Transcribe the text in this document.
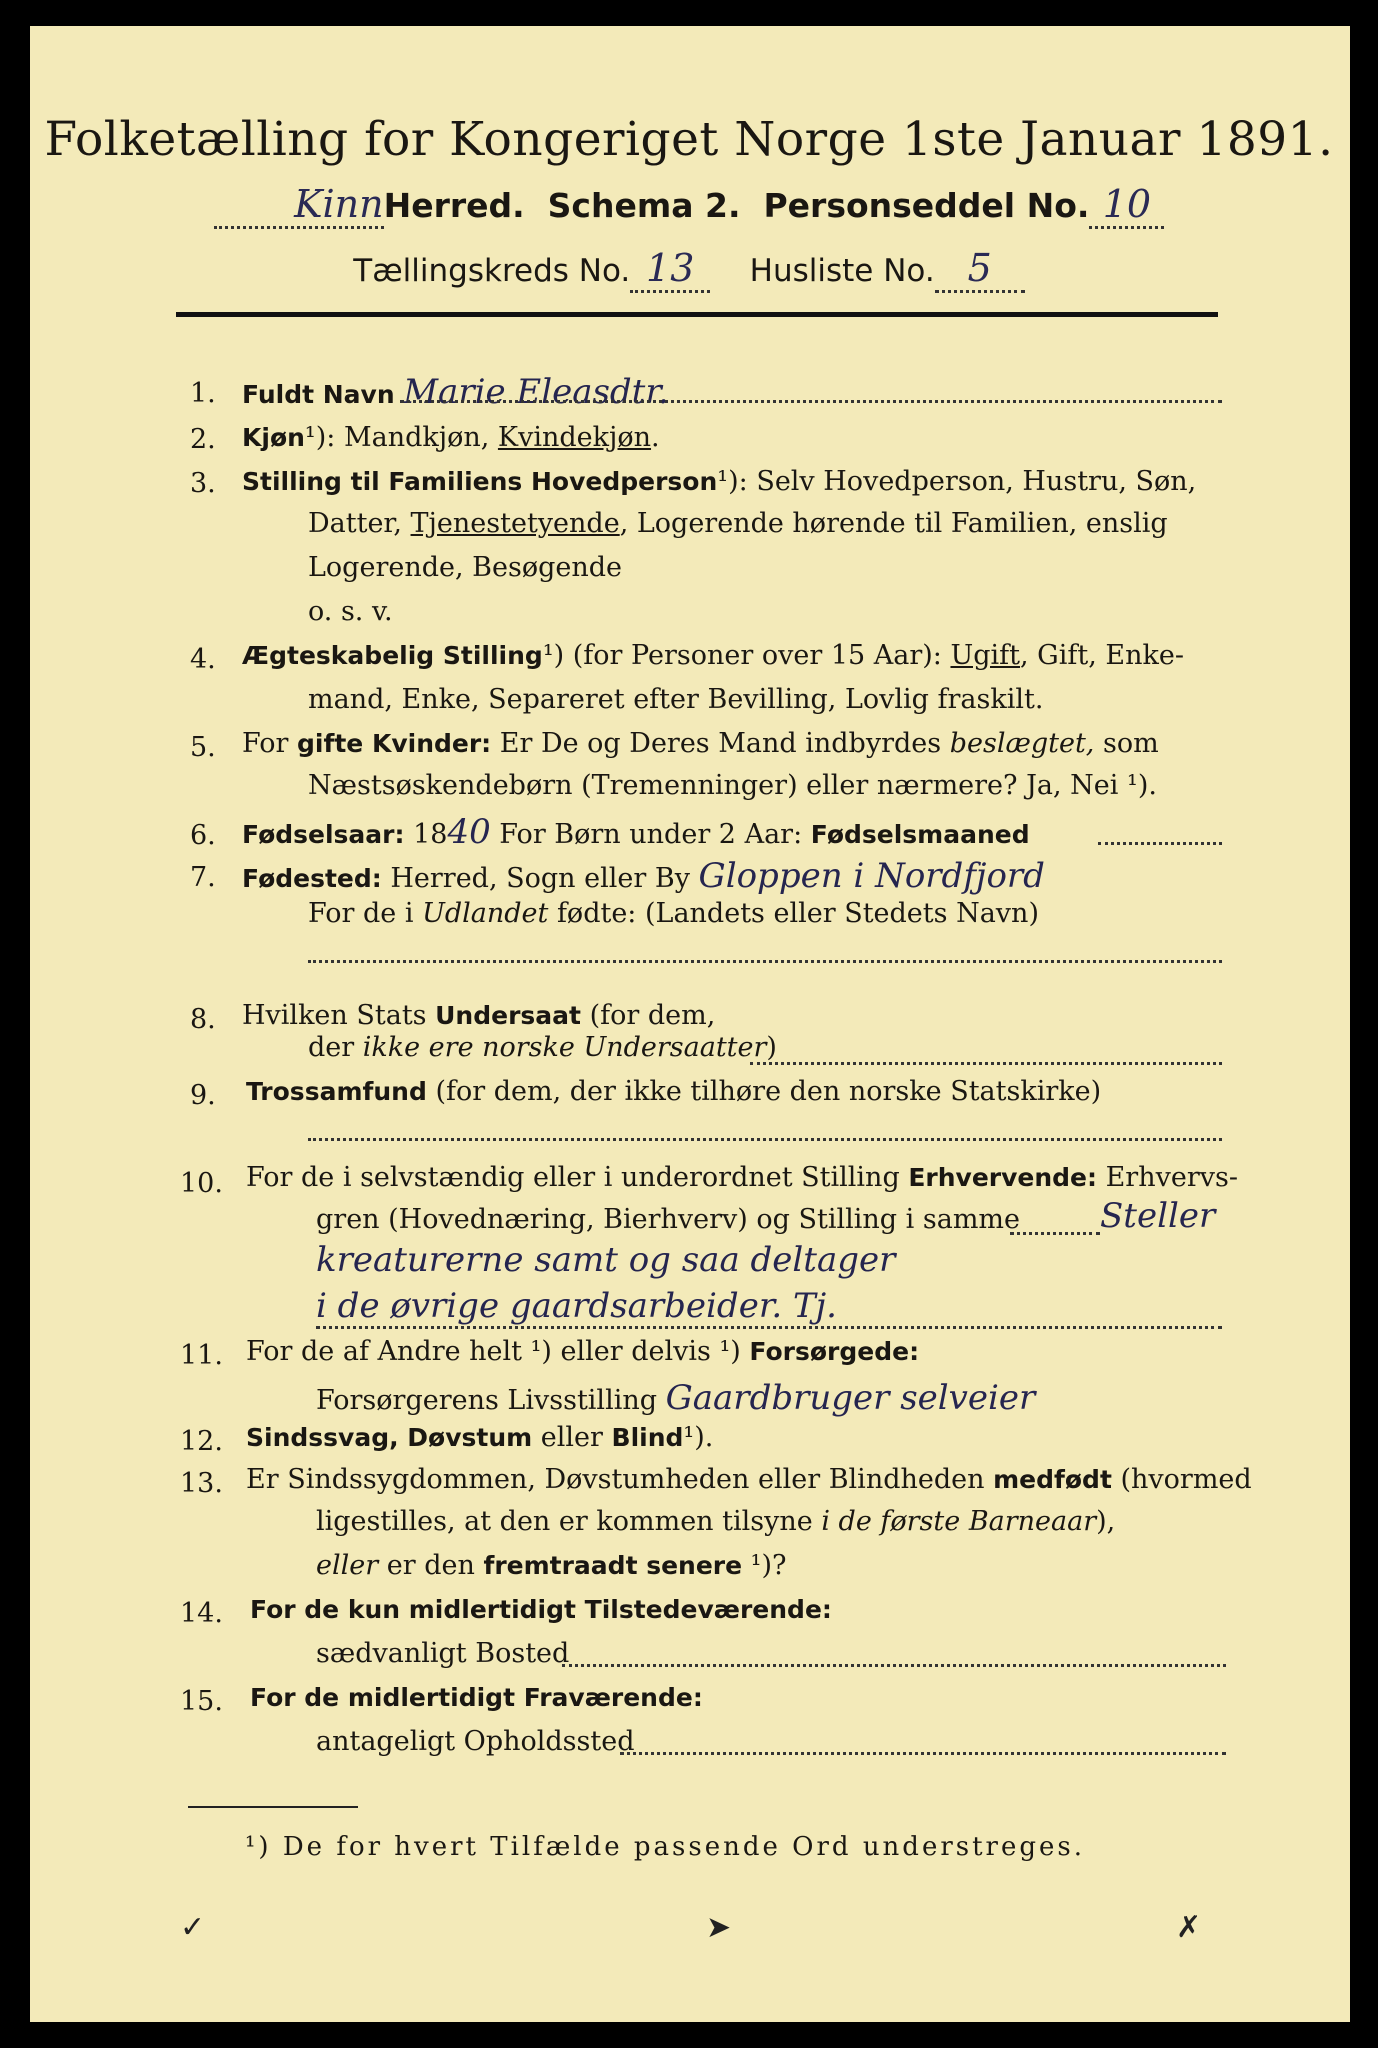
Folketælling for Kongeriget Norge 1ste Januar 1891.
KinnHerred. Schema 2. Personseddel No. 10
Tællingskreds No. 13 Husliste No. 5
1. Fuldt Navn Marie Eleasdtr.
2. Kjøn¹): Mandkjøn, Kvindekjøn.
3. Stilling til Familiens Hovedperson¹): Selv Hovedperson, Hustru, Søn,
Datter, Tjenestetyende, Logerende hørende til Familien, enslig
Logerende, Besøgende
o. s. v.
4. Ægteskabelig Stilling¹) (for Personer over 15 Aar): Ugift, Gift, Enke-
mand, Enke, Separeret efter Bevilling, Lovlig fraskilt.
5. For gifte Kvinder: Er De og Deres Mand indbyrdes beslægtet, som
Næstsøskendebørn (Tremenninger) eller nærmere? Ja, Nei ¹).
6. Fødselsaar: 1840 For Børn under 2 Aar: Fødselsmaaned
7. Fødested: Herred, Sogn eller By Gloppen i Nordfjord
For de i Udlandet fødte: (Landets eller Stedets Navn)
8. Hvilken Stats Undersaat (for dem,
der ikke ere norske Undersaatter)
9. Trossamfund (for dem, der ikke tilhøre den norske Statskirke)
10. For de i selvstændig eller i underordnet Stilling Erhvervende: Erhvervs-
gren (Hovednæring, Bierhverv) og Stilling i samme Steller
kreaturerne samt og saa deltager
i de øvrige gaardsarbeider. Tj.
11. For de af Andre helt ¹) eller delvis ¹) Forsørgede:
Forsørgerens Livsstilling Gaardbruger selveier
12. Sindssvag, Døvstum eller Blind¹).
13. Er Sindssygdommen, Døvstumheden eller Blindheden medfødt (hvormed
ligestilles, at den er kommen tilsyne i de første Barneaar),
eller er den fremtraadt senere ¹)?
14. For de kun midlertidigt Tilstedeværende:
sædvanligt Bosted
15. For de midlertidigt Fraværende:
antageligt Opholdssted
¹) De for hvert Tilfælde passende Ord understreges.
✓	➤	✗
